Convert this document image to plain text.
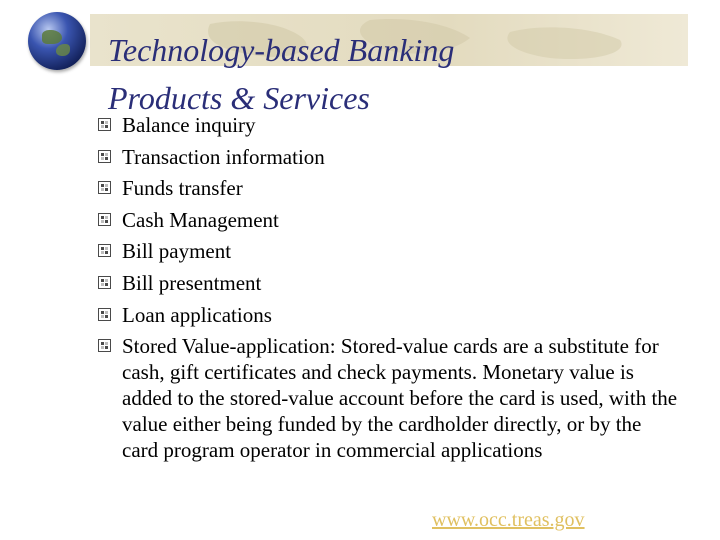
Technology-based Banking
Products & Services
Balance inquiry
Transaction information
Funds transfer
Cash Management
Bill payment
Bill presentment
Loan applications
Stored Value-application: Stored-value cards are a substitute for cash, gift certificates and check payments. Monetary value is added to the stored-value account before the card is used, with the value either being funded by the cardholder directly, or by the card program operator in commercial applications
www.occ.treas.gov
